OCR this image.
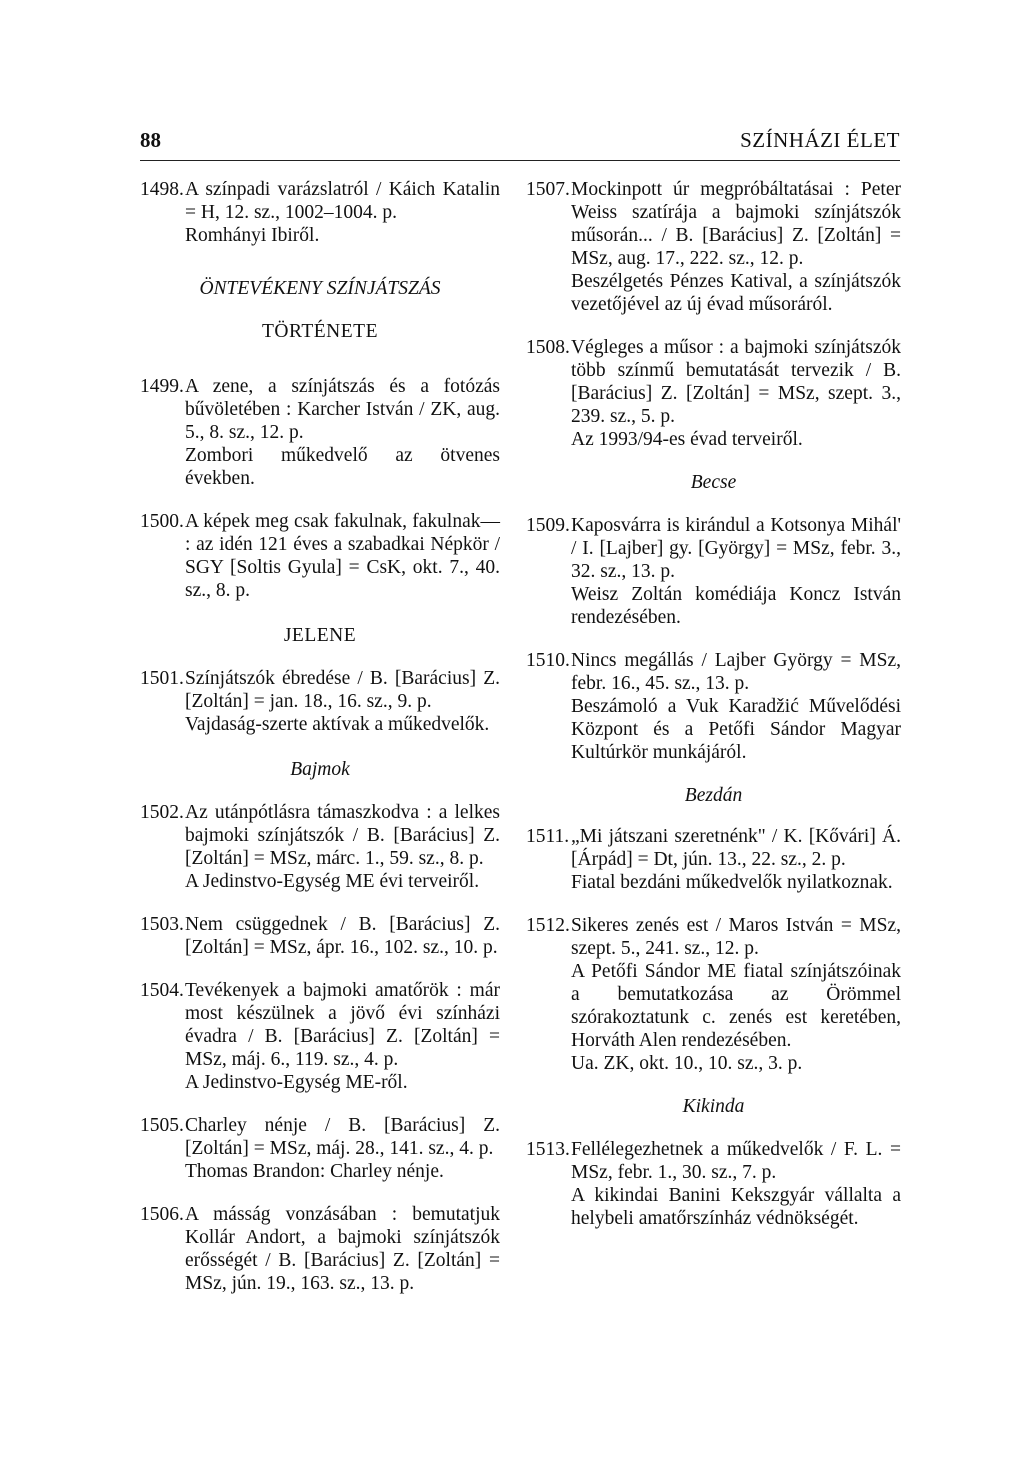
88	SZÍNHÁZI ÉLET
1498. A színpadi varázslatról / Káich Katalin = H, 12. sz., 1002–1004. p.
Romhányi Ibiről.
ÖNTEVÉKENY SZÍNJÁTSZÁS
TÖRTÉNETE
1499. A zene, a színjátszás és a fotózás bűvöletében : Karcher István / ZK, aug. 5., 8. sz., 12. p.
Zombori műkedvelő az ötvenes években.
1500. A képek meg csak fakulnak, fakulnak— : az idén 121 éves a szabadkai Népkör / SGY [Soltis Gyula] = CsK, okt. 7., 40. sz., 8. p.
JELENE
1501. Színjátszók ébredése / B. [Barácius] Z. [Zoltán] = jan. 18., 16. sz., 9. p.
Vajdaság-szerte aktívak a műkedvelők.
Bajmok
1502. Az utánpótlásra támaszkodva : a lelkes bajmoki színjátszók / B. [Barácius] Z. [Zoltán] = MSz, márc. 1., 59. sz., 8. p.
A Jedinstvo-Egység ME évi terveiről.
1503. Nem csüggednek / B. [Barácius] Z. [Zoltán] = MSz, ápr. 16., 102. sz., 10. p.
1504. Tevékenyek a bajmoki amatőrök : már most készülnek a jövő évi színházi évadra / B. [Barácius] Z. [Zoltán] = MSz, máj. 6., 119. sz., 4. p.
A Jedinstvo-Egység ME-ről.
1505. Charley nénje / B. [Barácius] Z. [Zoltán] = MSz, máj. 28., 141. sz., 4. p.
Thomas Brandon: Charley nénje.
1506. A másság vonzásában : bemutatjuk Kollár Andort, a bajmoki színjátszók erősségét / B. [Barácius] Z. [Zoltán] = MSz, jún. 19., 163. sz., 13. p.
1507. Mockinpott úr megpróbáltatásai : Peter Weiss szatírája a bajmoki színjátszók műsorán... / B. [Barácius] Z. [Zoltán] = MSz, aug. 17., 222. sz., 12. p.
Beszélgetés Pénzes Katival, a színjátszók vezetőjével az új évad műsoráról.
1508. Végleges a műsor : a bajmoki színjátszók több színmű bemutatását tervezik / B. [Barácius] Z. [Zoltán] = MSz, szept. 3., 239. sz., 5. p.
Az 1993/94-es évad terveiről.
Becse
1509. Kaposvárra is kirándul a Kotsonya Mihál' / I. [Lajber] gy. [György] = MSz, febr. 3., 32. sz., 13. p.
Weisz Zoltán komédiája Koncz István rendezésében.
1510. Nincs megállás / Lajber György = MSz, febr. 16., 45. sz., 13. p.
Beszámoló a Vuk Karadžić Művelődési Központ és a Petőfi Sándor Magyar Kultúrkör munkájáról.
Bezdán
1511. „Mi játszani szeretnénk" / K. [Kővári] Á. [Árpád] = Dt, jún. 13., 22. sz., 2. p.
Fiatal bezdáni műkedvelők nyilatkoznak.
1512. Sikeres zenés est / Maros István = MSz, szept. 5., 241. sz., 12. p.
A Petőfi Sándor ME fiatal színjátszóinak a bemutatkozása az Örömmel szórakoztatunk c. zenés est keretében, Horváth Alen rendezésében.
Ua. ZK, okt. 10., 10. sz., 3. p.
Kikinda
1513. Fellélegezhetnek a műkedvelők / F. L. = MSz, febr. 1., 30. sz., 7. p.
A kikindai Banini Kekszgyár vállalta a helybeli amatőrszínház védnökségét.
